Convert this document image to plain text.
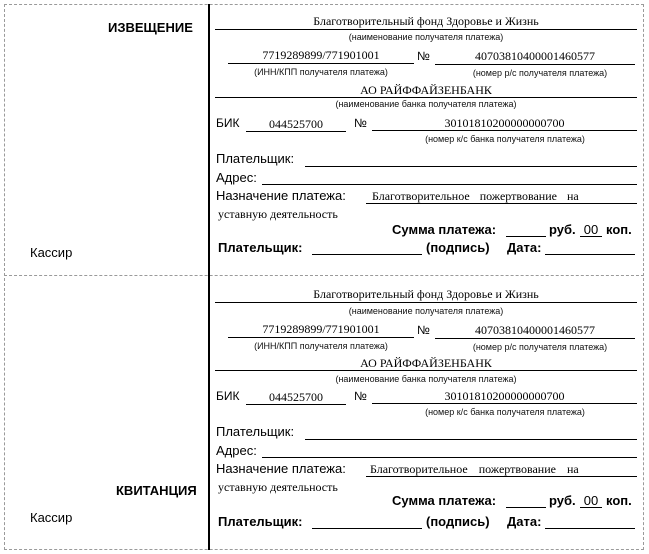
ИЗВЕЩЕНИЕ
Кассир
Благотворительный фонд Здоровье и Жизнь
(наименование получателя платежа)
7719289899/771901001	№	40703810400001460577
(ИНН/КПП получателя платежа)	(номер р/с получателя платежа)
АО РАЙФФАЙЗЕНБАНК
(наименование банка получателя платежа)
БИК	044525700	№	30101810200000000700
(номер к/с банка получателя платежа)
Плательщик:
Адрес:
Назначение платежа: Благотворительное пожертвование на
уставную деятельность
Сумма платежа:	руб. 00 коп.
Плательщик:	(подпись) Дата:
КВИТАНЦИЯ
Кассир
Благотворительный фонд Здоровье и Жизнь
(наименование получателя платежа)
7719289899/771901001	№	40703810400001460577
(ИНН/КПП получателя платежа)	(номер р/с получателя платежа)
АО РАЙФФАЙЗЕНБАНК
(наименование банка получателя платежа)
БИК	044525700	№	30101810200000000700
(номер к/с банка получателя платежа)
Плательщик:
Адрес:
Назначение платежа: Благотворительное пожертвование на
уставную деятельность
Сумма платежа:	руб. 00 коп.
Плательщик:	(подпись) Дата:
